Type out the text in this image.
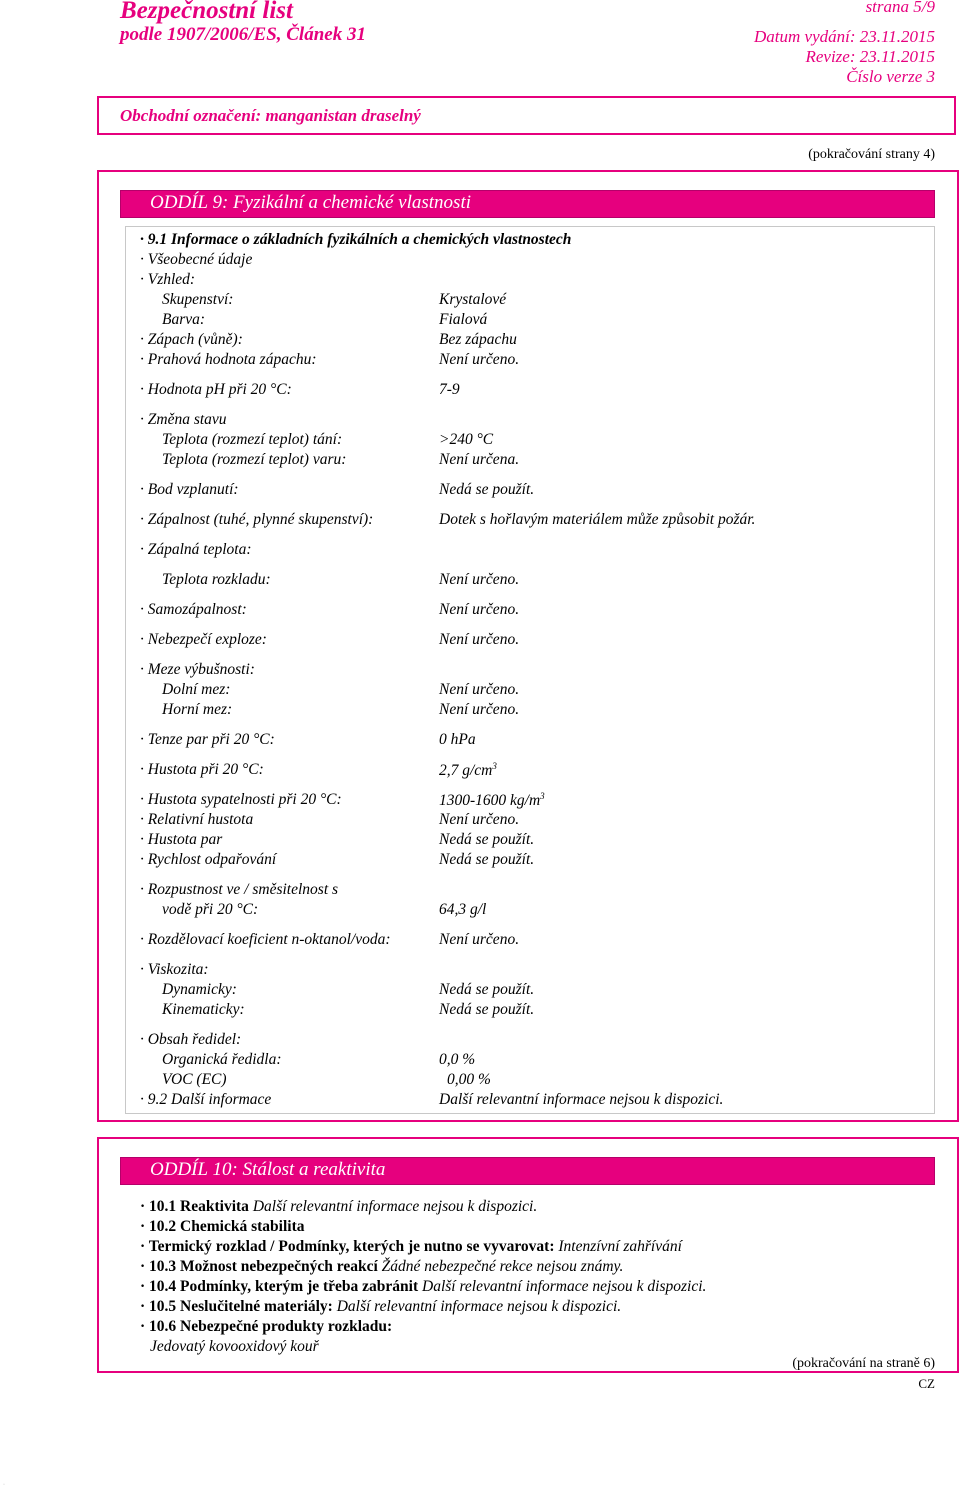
Bezpečnostní list
podle 1907/2006/ES, Článek 31
strana 5/9
Datum vydání: 23.11.2015
Revize: 23.11.2015
Číslo verze 3
Obchodní označení: manganistan draselný
(pokračování strany 4)
ODDÍL 9: Fyzikální a chemické vlastnosti
· 9.1 Informace o základních fyzikálních a chemických vlastnostech
· Všeobecné údaje
· Vzhled:
Skupenství:	Krystalové
Barva:	Fialová
· Zápach (vůně):	Bez zápachu
· Prahová hodnota zápachu:	Není určeno.
· Hodnota pH při 20 °C:	7-9
· Změna stavu
Teplota (rozmezí teplot) tání:	>240 °C
Teplota (rozmezí teplot) varu:	Není určena.
· Bod vzplanutí:	Nedá se použít.
· Zápalnost (tuhé, plynné skupenství):	Dotek s hořlavým materiálem může způsobit požár.
· Zápalná teplota:
Teplota rozkladu:	Není určeno.
· Samozápalnost:	Není určeno.
· Nebezpečí exploze:	Není určeno.
· Meze výbušnosti:
Dolní mez:	Není určeno.
Horní mez:	Není určeno.
· Tenze par při 20 °C:	0 hPa
· Hustota při 20 °C:	2,7 $g/cm^3$
· Hustota sypatelnosti při 20 °C:	1300-1600 $kg/m^3$
· Relativní hustota	Není určeno.
· Hustota par	Nedá se použít.
· Rychlost odpařování	Nedá se použít.
· Rozpustnost ve / směsitelnost s
vodě při 20 °C:	64,3 g/l
· Rozdělovací koeficient n-oktanol/voda:	Není určeno.
· Viskozita:
Dynamicky:	Nedá se použít.
Kinematicky:	Nedá se použít.
· Obsah ředidel:
Organická ředidla:	0,0 %
VOC (EC)	0,00 %
· 9.2 Další informace	Další relevantní informace nejsou k dispozici.
ODDÍL 10: Stálost a reaktivita
· 10.1 Reaktivita Další relevantní informace nejsou k dispozici.
· 10.2 Chemická stabilita
· Termický rozklad / Podmínky, kterých je nutno se vyvarovat: Intenzívní zahřívání
· 10.3 Možnost nebezpečných reakcí Žádné nebezpečné rekce nejsou známy.
· 10.4 Podmínky, kterým je třeba zabránit Další relevantní informace nejsou k dispozici.
· 10.5 Neslučitelné materiály: Další relevantní informace nejsou k dispozici.
· 10.6 Nebezpečné produkty rozkladu:
Jedovatý kovooxidový kouř
(pokračování na straně 6)
CZ
·
